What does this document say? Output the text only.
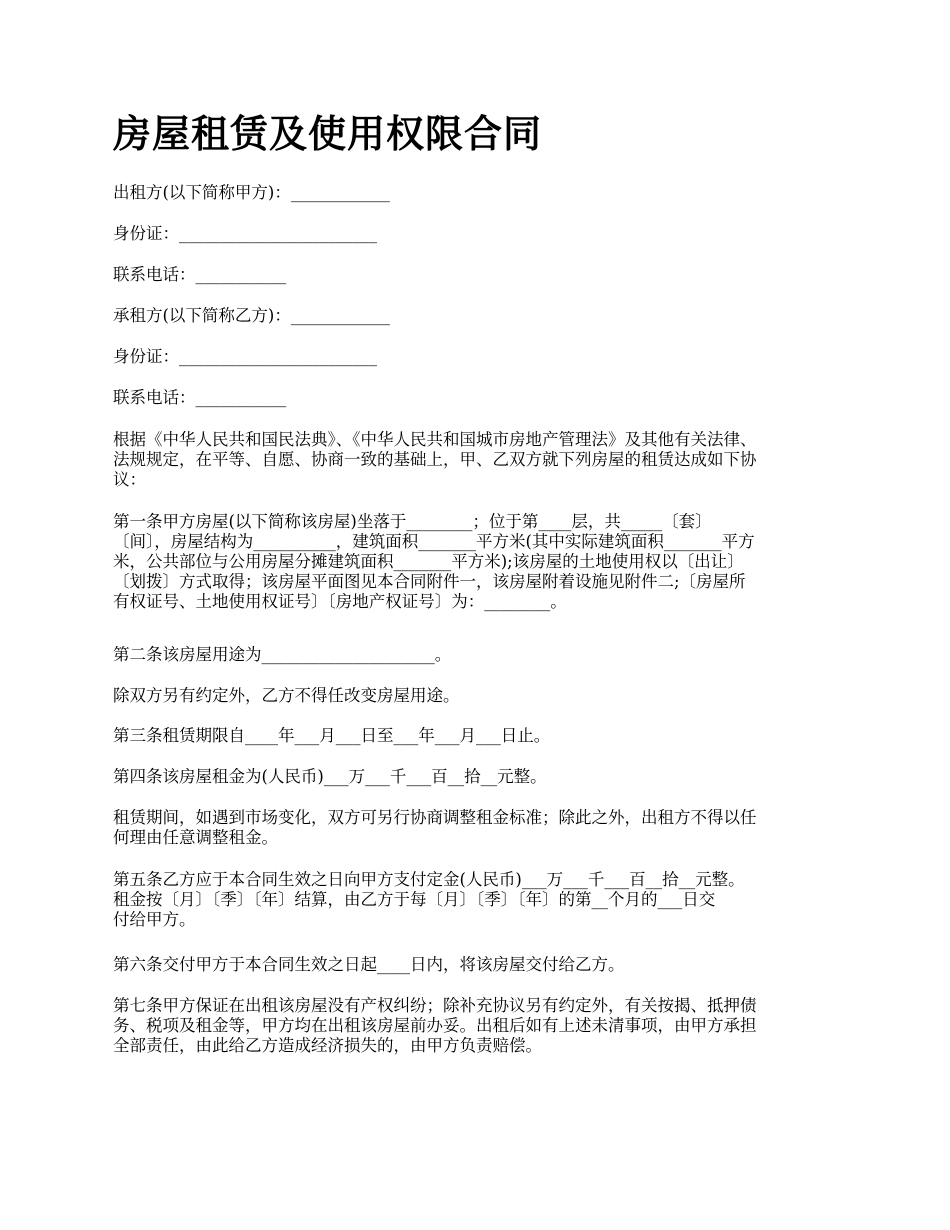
房屋租赁及使用权限合同

出租方(以下简称甲方)：____________

身份证：________________________

联系电话：___________

承租方(以下简称乙方)：____________

身份证：________________________

联系电话：___________

根据《中华人民共和国民法典》、《中华人民共和国城市房地产管理法》及其他有关法律、
法规规定，在平等、自愿、协商一致的基础上，甲、乙双方就下列房屋的租赁达成如下协
议：

第一条甲方房屋(以下简称该房屋)坐落于________；位于第____层，共_____〔套〕
〔间〕，房屋结构为__________，建筑面积_______平方米(其中实际建筑面积_______平方
米，公共部位与公用房屋分摊建筑面积_______平方米);该房屋的土地使用权以〔出让〕
〔划拨〕方式取得；该房屋平面图见本合同附件一，该房屋附着设施见附件二;〔房屋所
有权证号、土地使用权证号〕〔房地产权证号〕为：________。

第二条该房屋用途为_____________________。

除双方另有约定外，乙方不得任改变房屋用途。

第三条租赁期限自____年___月___日至___年___月___日止。

第四条该房屋租金为(人民币)___万___千___百__拾__元整。

租赁期间，如遇到市场变化，双方可另行协商调整租金标准；除此之外，出租方不得以任
何理由任意调整租金。

第五条乙方应于本合同生效之日向甲方支付定金(人民币)___万___千___百__拾__元整。
租金按〔月〕〔季〕〔年〕结算，由乙方于每〔月〕〔季〕〔年〕的第__个月的___日交
付给甲方。

第六条交付甲方于本合同生效之日起____日内，将该房屋交付给乙方。

第七条甲方保证在出租该房屋没有产权纠纷；除补充协议另有约定外，有关按揭、抵押债
务、税项及租金等，甲方均在出租该房屋前办妥。出租后如有上述未清事项，由甲方承担
全部责任，由此给乙方造成经济损失的，由甲方负责赔偿。
